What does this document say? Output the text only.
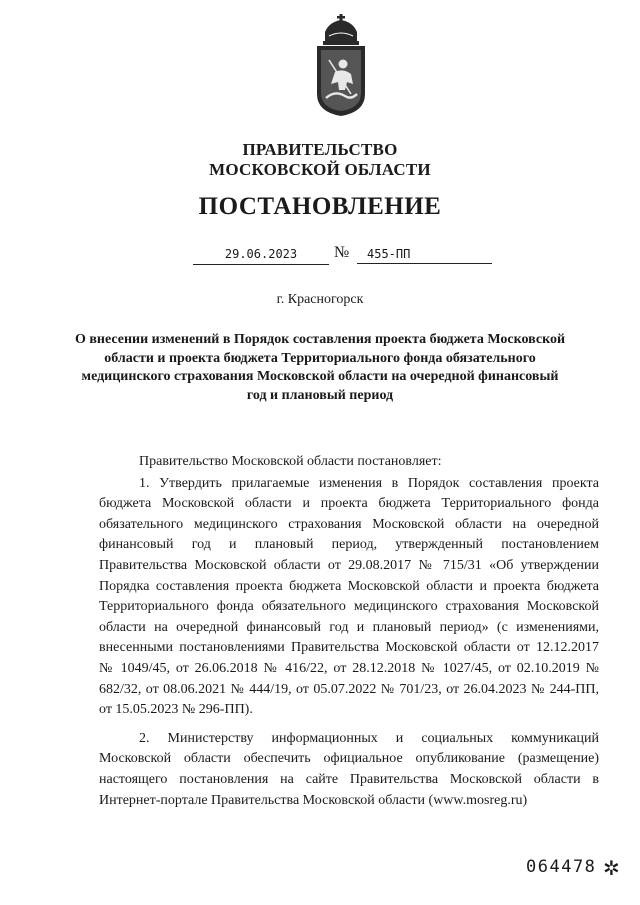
ПРАВИТЕЛЬСТВО
МОСКОВСКОЙ ОБЛАСТИ
ПОСТАНОВЛЕНИЕ
29.06.2023	№	455-ПП
г. Красногорск
О внесении изменений в Порядок составления проекта бюджета Московской области и проекта бюджета Территориального фонда обязательного медицинского страхования Московской области на очередной финансовый год и плановый период

Правительство Московской области постановляет:

1. Утвердить прилагаемые изменения в Порядок составления проекта бюджета Московской области и проекта бюджета Территориального фонда обязательного медицинского страхования Московской области на очередной финансовый год и плановый период, утвержденный постановлением Правительства Московской области от 29.08.2017 № 715/31 «Об утверждении Порядка составления проекта бюджета Московской области и проекта бюджета Территориального фонда обязательного медицинского страхования Московской области на очередной финансовый год и плановый период» (с изменениями, внесенными постановлениями Правительства Московской области от 12.12.2017 № 1049/45, от 26.06.2018 № 416/22, от 28.12.2018 № 1027/45, от 02.10.2019 № 682/32, от 08.06.2021 № 444/19, от 05.07.2022 № 701/23, от 26.04.2023 № 244-ПП, от 15.05.2023 № 296-ПП).

2. Министерству информационных и социальных коммуникаций Московской области обеспечить официальное опубликование (размещение) настоящего постановления на сайте Правительства Московской области в Интернет-портале Правительства Московской области (www.mosreg.ru)

064478 ✲
